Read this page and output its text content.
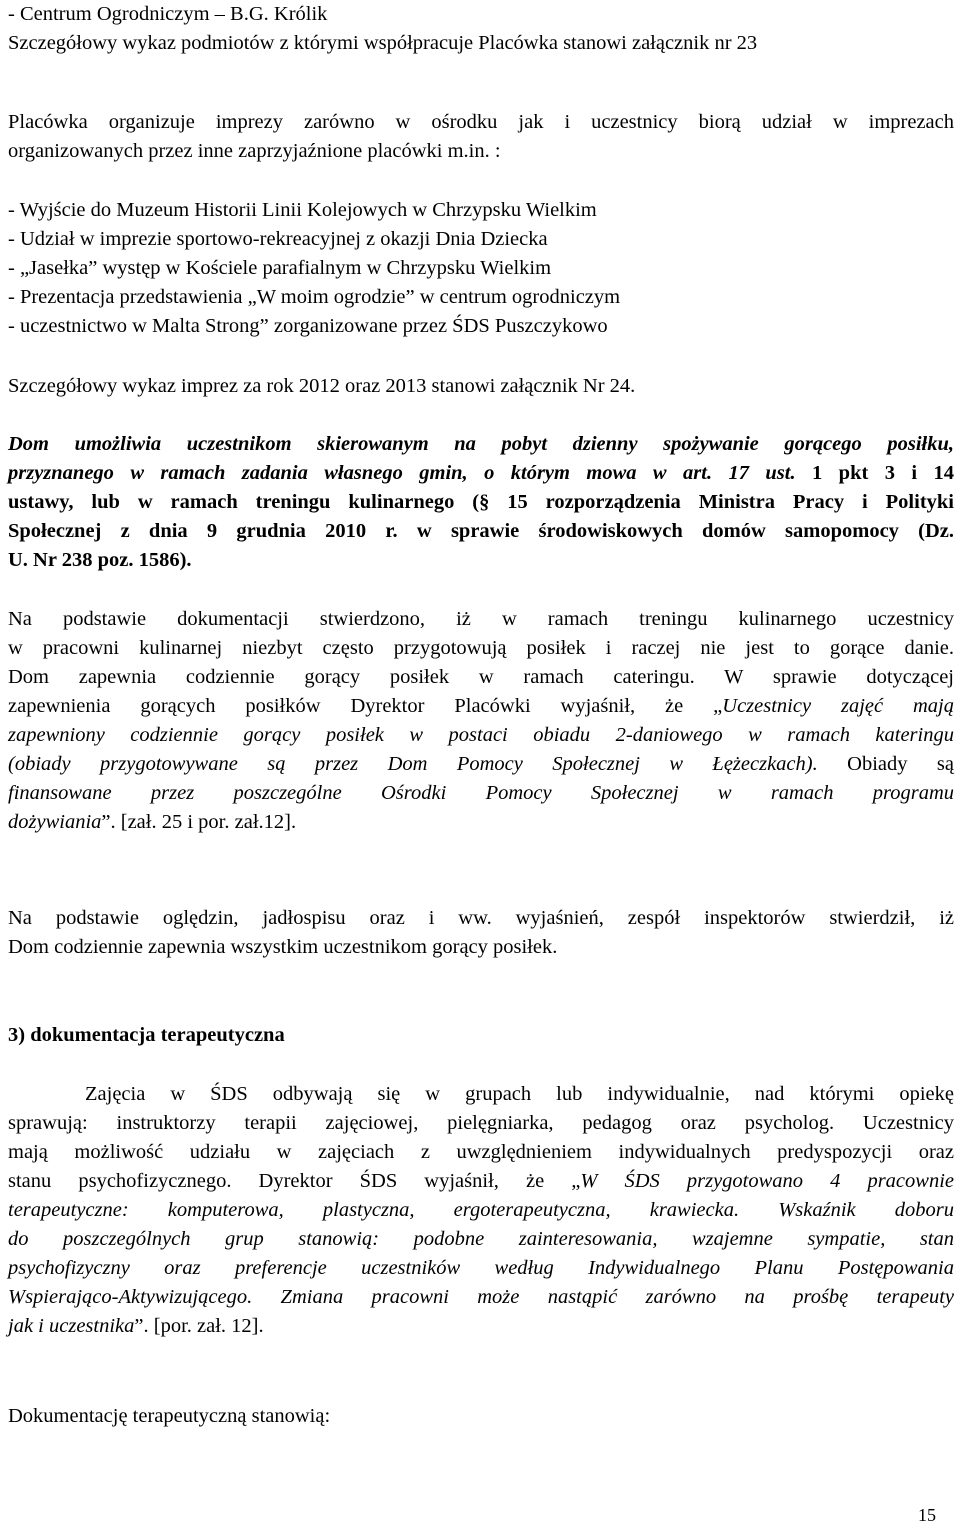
- Centrum Ogrodniczym – B.G. Królik
Szczegółowy wykaz podmiotów z którymi współpracuje Placówka stanowi załącznik nr 23
Placówka organizuje imprezy zarówno w ośrodku jak i uczestnicy biorą udział w imprezach
organizowanych przez inne zaprzyjaźnione placówki m.in. :
- Wyjście do Muzeum Historii Linii Kolejowych w Chrzypsku Wielkim
- Udział w imprezie sportowo-rekreacyjnej z okazji Dnia Dziecka
- „Jasełka” występ w Kościele parafialnym w Chrzypsku Wielkim
- Prezentacja przedstawienia „W moim ogrodzie” w centrum ogrodniczym
- uczestnictwo w Malta Strong” zorganizowane przez ŚDS Puszczykowo
Szczegółowy wykaz imprez za rok 2012 oraz 2013 stanowi załącznik Nr 24.
Dom umożliwia uczestnikom skierowanym na pobyt dzienny spożywanie gorącego posiłku,
przyznanego w ramach zadania własnego gmin, o którym mowa w art. 17 ust. 1 pkt 3 i 14
ustawy, lub w ramach treningu kulinarnego (§ 15 rozporządzenia Ministra Pracy i Polityki
Społecznej z dnia 9 grudnia 2010 r. w sprawie środowiskowych domów samopomocy (Dz.
U. Nr 238 poz. 1586).
Na podstawie dokumentacji stwierdzono, iż w ramach treningu kulinarnego uczestnicy
w pracowni kulinarnej niezbyt często przygotowują posiłek i raczej nie jest to gorące danie.
Dom zapewnia codziennie gorący posiłek w ramach cateringu. W sprawie dotyczącej
zapewnienia gorących posiłków Dyrektor Placówki wyjaśnił, że „Uczestnicy zajęć mają
zapewniony codziennie gorący posiłek w postaci obiadu 2-daniowego w ramach kateringu
(obiady przygotowywane są przez Dom Pomocy Społecznej w Łężeczkach). Obiady są
finansowane przez poszczególne Ośrodki Pomocy Społecznej w ramach programu
dożywiania”. [zał. 25 i por. zał.12].
Na podstawie oględzin, jadłospisu oraz i ww. wyjaśnień, zespół inspektorów stwierdził, iż
Dom codziennie zapewnia wszystkim uczestnikom gorący posiłek.
3) dokumentacja terapeutyczna
Zajęcia w ŚDS odbywają się w grupach lub indywidualnie, nad którymi opiekę
sprawują: instruktorzy terapii zajęciowej, pielęgniarka, pedagog oraz psycholog. Uczestnicy
mają możliwość udziału w zajęciach z uwzględnieniem indywidualnych predyspozycji oraz
stanu psychofizycznego. Dyrektor ŚDS wyjaśnił, że „W ŚDS przygotowano 4 pracownie
terapeutyczne: komputerowa, plastyczna, ergoterapeutyczna, krawiecka. Wskaźnik doboru
do poszczególnych grup stanowią: podobne zainteresowania, wzajemne sympatie, stan
psychofizyczny oraz preferencje uczestników według Indywidualnego Planu Postępowania
Wspierająco-Aktywizującego. Zmiana pracowni może nastąpić zarówno na prośbę terapeuty
jak i uczestnika”. [por. zał. 12].
Dokumentację terapeutyczną stanowią:
15
